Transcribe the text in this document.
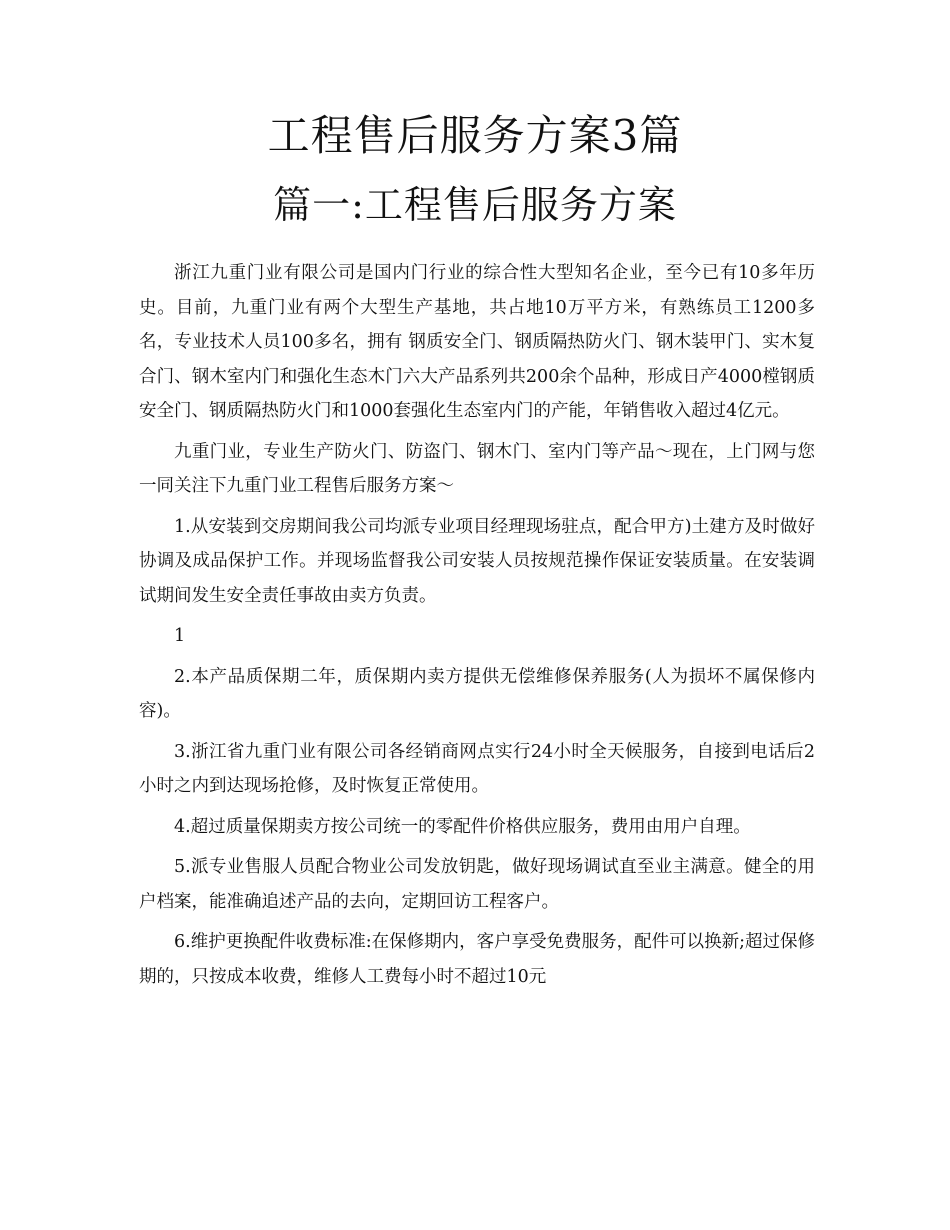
工程售后服务方案3篇
篇一:工程售后服务方案

浙江九重门业有限公司是国内门行业的综合性大型知名企业，至今已有10多年历史。目前，九重门业有两个大型生产基地，共占地10万平方米，有熟练员工1200多名，专业技术人员100多名，拥有 钢质安全门、钢质隔热防火门、钢木装甲门、实木复合门、钢木室内门和强化生态木门六大产品系列共200余个品种，形成日产4000樘钢质安全门、钢质隔热防火门和1000套强化生态室内门的产能，年销售收入超过4亿元。

九重门业，专业生产防火门、防盗门、钢木门、室内门等产品～现在，上门网与您一同关注下九重门业工程售后服务方案～

1.从安装到交房期间我公司均派专业项目经理现场驻点，配合甲方)土建方及时做好协调及成品保护工作。并现场监督我公司安装人员按规范操作保证安装质量。在安装调试期间发生安全责任事故由卖方负责。

1

2.本产品质保期二年，质保期内卖方提供无偿维修保养服务(人为损坏不属保修内容)。

3.浙江省九重门业有限公司各经销商网点实行24小时全天候服务，自接到电话后2小时之内到达现场抢修，及时恢复正常使用。

4.超过质量保期卖方按公司统一的零配件价格供应服务，费用由用户自理。

5.派专业售服人员配合物业公司发放钥匙，做好现场调试直至业主满意。健全的用户档案，能准确追述产品的去向，定期回访工程客户。

6.维护更换配件收费标准:在保修期内，客户享受免费服务，配件可以换新;超过保修期的，只按成本收费，维修人工费每小时不超过10元
